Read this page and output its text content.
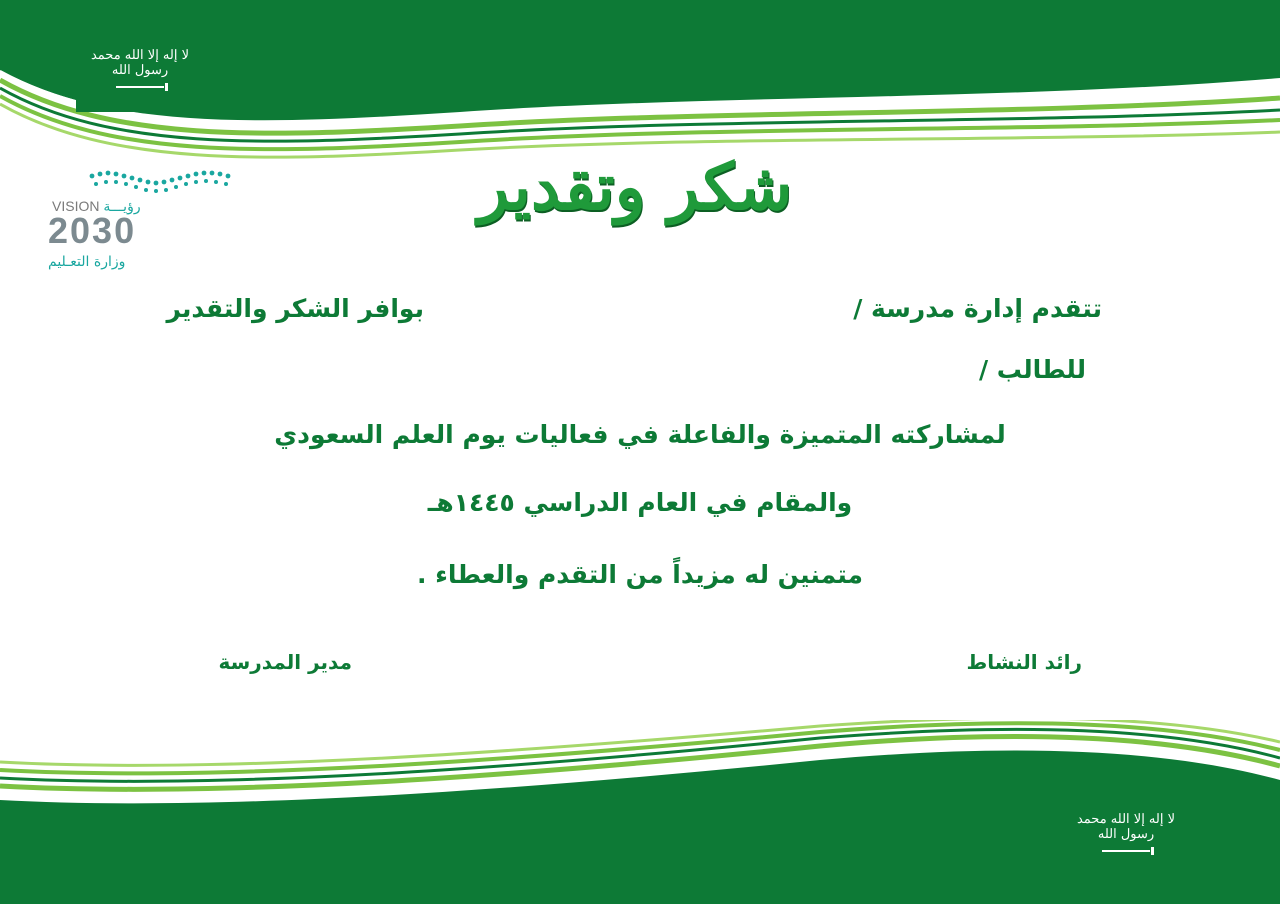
لا إله إلا الله محمد رسول الله
لا إله إلا الله محمد رسول الله
VISION رؤيـــة
2030
وزارة التعـليم
شكر وتقدير
تتقدم إدارة مدرسة /
بوافر الشكر والتقدير
للطالب /
لمشاركته المتميزة والفاعلة في فعاليات يوم العلم السعودي
والمقام في العام الدراسي ١٤٤٥هـ
متمنين له مزيداً من التقدم والعطاء .
رائد النشاط
مدير المدرسة
